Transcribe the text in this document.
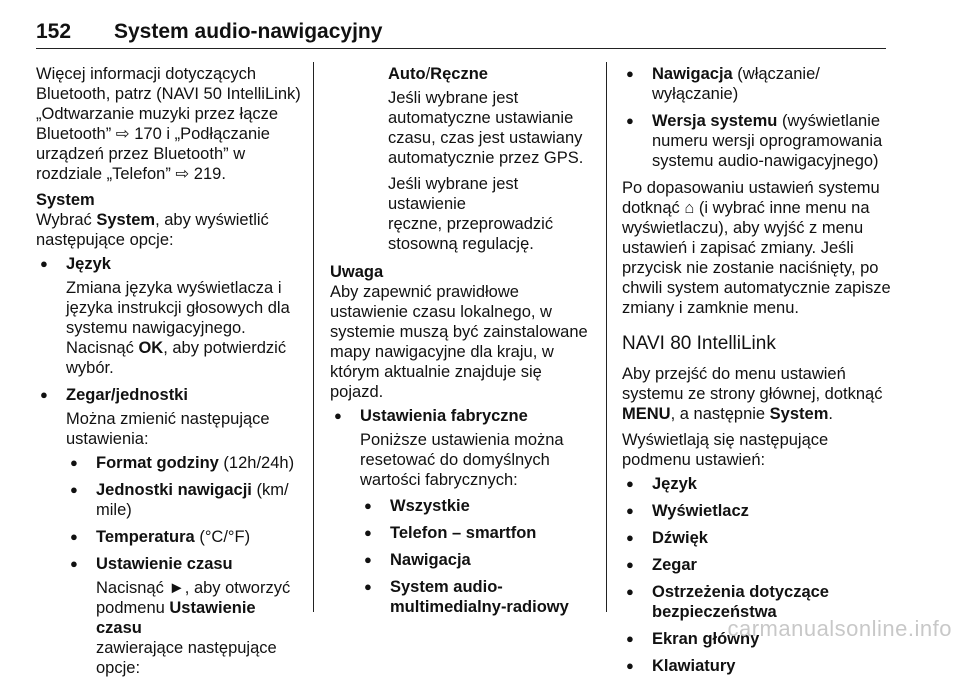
152 System audio-nawigacyjny

Więcej informacji dotyczących
Bluetooth, patrz (NAVI 50 IntelliLink)
„Odtwarzanie muzyki przez łącze
Bluetooth” ⇨ 170 i „Podłączanie
urządzeń przez Bluetooth” w
rozdziale „Telefon” ⇨ 219.

System

Wybrać System, aby wyświetlić
następujące opcje:

● Język
Zmiana języka wyświetlacza i
języka instrukcji głosowych dla
systemu nawigacyjnego.
Nacisnąć OK, aby potwierdzić
wybór.
● Zegar/jednostki
Można zmienić następujące
ustawienia:
● Format godziny (12h/24h)
● Jednostki nawigacji (km/
mile)
● Temperatura (°C/°F)
● Ustawienie czasu
Nacisnąć ►, aby otworzyć
podmenu Ustawienie czasu
zawierające następujące
opcje:

Auto/Ręczne

Jeśli wybrane jest
automatyczne ustawianie
czasu, czas jest ustawiany
automatycznie przez GPS.

Jeśli wybrane jest ustawienie
ręczne, przeprowadzić
stosowną regulację.

Uwaga

Aby zapewnić prawidłowe
ustawienie czasu lokalnego, w
systemie muszą być zainstalowane
mapy nawigacyjne dla kraju, w
którym aktualnie znajduje się
pojazd.

● Ustawienia fabryczne
Poniższe ustawienia można
resetować do domyślnych
wartości fabrycznych:
● Wszystkie
● Telefon – smartfon
● Nawigacja
● System audio-
multimedialny-radiowy
● Nawigacja (włączanie/
wyłączanie)
● Wersja systemu (wyświetlanie
numeru wersji oprogramowania
systemu audio-nawigacyjnego)

Po dopasowaniu ustawień systemu
dotknąć ⌂ (i wybrać inne menu na
wyświetlaczu), aby wyjść z menu
ustawień i zapisać zmiany. Jeśli
przycisk nie zostanie naciśnięty, po
chwili system automatycznie zapisze
zmiany i zamknie menu.

NAVI 80 IntelliLink

Aby przejść do menu ustawień
systemu ze strony głównej, dotknąć
MENU, a następnie System.

Wyświetlają się następujące
podmenu ustawień:

● Język
● Wyświetlacz
● Dźwięk
● Zegar
● Ostrzeżenia dotyczące
bezpieczeństwa
● Ekran główny
● Klawiatury
carmanualsonline.info
